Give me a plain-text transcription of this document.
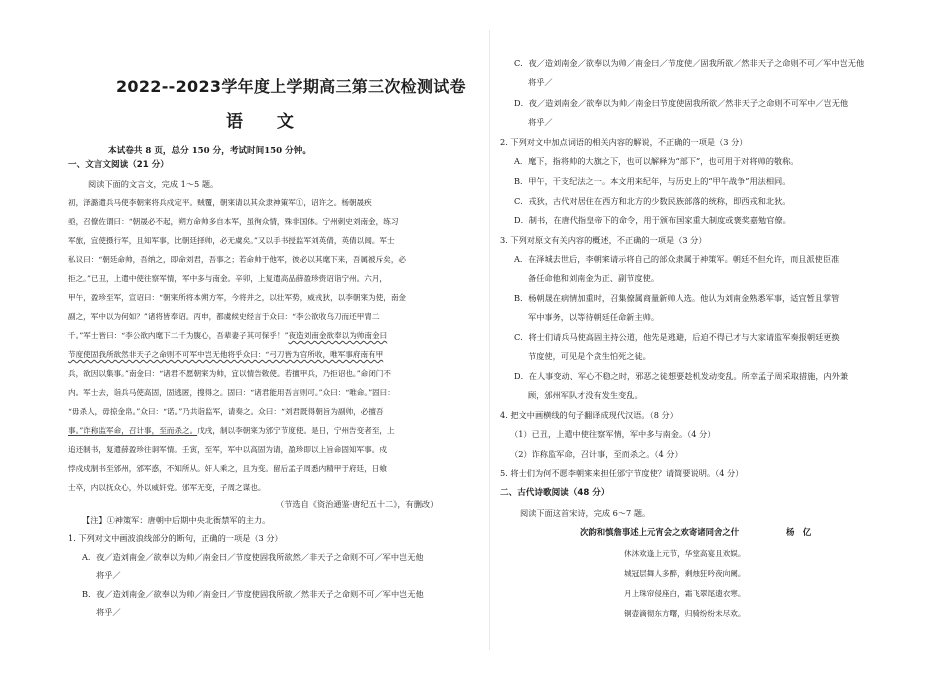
2022--2023学年度上学期高三第三次检测试卷
语 文
本试卷共 8 页，总分 150 分，考试时间150 分钟。
一、文言文阅读（21 分）
阅读下面的文言文，完成 1～5 题。
初，泽潞遣兵马使李朝宷将兵戍定平。贼覆，朝宷请以其众隶神策军①，诏许之。杨朝晟疾
亟，召僚佐谓曰：“朝晟必不起，朔方命帅多自本军，虽徇众情，殊非国体。宁州刺史刘南金，练习
军旅，宜使摄行军，且知军事，比朝廷择帅，必无虞矣。”又以手书授监军刘英倩，英倩以闻。军士
私议曰：“朝廷命帅，吾纳之，即命刘君，吾事之；若命帅于他军，彼必以其麾下来，吾属被斥矣，必
拒之。”已丑，上遣中使往察军情，军中多与南金。辛卯，上复遣高品薛盈珍赍诏诣宁州。六月，
甲午，盈珍至军，宣诏曰：“朝宷所将本朔方军，今将并之，以壮军势，威戎狄，以李朝宷为使，南金
副之，军中以为何如？”诸将皆奉诏。丙申，都虞候史经言于众曰：“李公欲收乌刀而还甲胄二
千。”军士皆曰：“李公欲内麾下二千为腹心，吾辈妻子其可保乎！”夜造刘南金欲奉以为帅南金曰
节度使固我所欲然非天子之命则不可军中岂无他将乎众曰：“弓刀皆为官所收，唯军事府南有甲
兵，欲因以集事。”南金曰：“诸君不愿朝宷为帅，宜以情告敕使。若擅甲兵，乃拒诏也。”命闭门不
内。军士去，诣兵马使高固，固逃匿，搜得之。固曰：“诸君能用吾言则可。”众曰：“唯命。”固曰：
“毋杀人，毋掠金帛。”众曰：“诺。”乃共诣监军，请奏之。众曰：“刘君既得朝旨为副帅，必擅吾
事。”诈称监军命，召计事，至而杀之。戊戌，制以李朝宷为邠宁节度使。是日，宁州告变者至，上
追还制书，复遣薛盈珍往诇军情。壬寅，至军，军中以高固为请，盈珍即以上旨命固知军事。戍
悖戍戍制书至邠州，邠军惑，不知所从。奸人乘之，且为变。留后孟子周悉内精甲于府廷，日飨
士卒，内以抚众心，外以威奸党。邠军无变，子周之谋也。
（节选自《资治通鉴·唐纪五十二》，有删改）
【注】①神策军：唐朝中后期中央北衙禁军的主力。
1. 下列对文中画波浪线部分的断句，正确的一项是（3 分）
A．夜／造刘南金／欲奉以为帅／南金曰／节度使固我所欲然／非天子之命则不可／军中岂无他
将乎／
B．夜／造刘南金／欲奉以为帅／南金曰／节度使固我所欲／然非天子之命则不可／军中岂无他
将乎／
C．夜／造刘南金／欲奉以为帅／南金曰／节度使／固我所欲／然非天子之命则不可／军中岂无他
将乎／
D．夜／造刘南金／欲奉以为帅／南金曰节度使固我所欲／然非天子之命则不可军中／岂无他
将乎／
2. 下列对文中加点词语的相关内容的解说，不正确的一项是（3 分）
A．麾下，指将帅的大旗之下，也可以解释为“部下”，也可用于对将帅的敬称。
B．甲午，干支纪法之一。本文用来纪年，与历史上的“甲午战争”用法相同。
C．戎狄，古代对居住在西方和北方的少数民族部落的统称，即西戎和北狄。
D．制书，在唐代指皇帝下的命令，用于颁布国家重大制度或褒奖嘉勉官僚。
3. 下列对原文有关内容的概述，不正确的一项是（3 分）
A．在泽城去世后，李朝宷请示将自己的部众隶属于神策军。朝廷不但允许，而且派使臣准
备任命他和刘南金为正、副节度使。
B．杨朝晟在病情加重时，召集僚属商量新帅人选。他认为刘南金熟悉军事，适宜暂且掌管
军中事务，以等待朝廷任命新主帅。
C．将士们请兵马使高固主持公道，他先是逃避，后迫不得已才与大家请监军奏报朝廷更换
节度使，可见是个贪生怕死之徒。
D．在人事变动、军心不稳之时，邪恶之徒想要趁机发动变乱。所幸孟子周采取措施，内外兼
顾，邠州军队才没有发生变乱。
4. 把文中画横线的句子翻译成现代汉语。（8 分）
（1）已丑，上遣中使往察军情，军中多与南金。（4 分）
（2）诈称监军命，召计事，至而杀之。（4 分）
5. 将士们为何不愿李朝宷来担任邠宁节度使？请简要说明。（4 分）
二、古代诗歌阅读（48 分）
阅读下面这首宋诗，完成 6～7 题。
次韵和慎詹事述上元宵会之欢寄诸同舍之什	杨　亿
休沐欢逢上元节，华堂高宴且欢娱。
城冠层舞人多醉，剩烛狂吟夜向阑。
月上珠帘侵座白，霜飞翠尾遗衣寒。
铜壶滴彻东方曙，归骑纷纷未尽欢。
